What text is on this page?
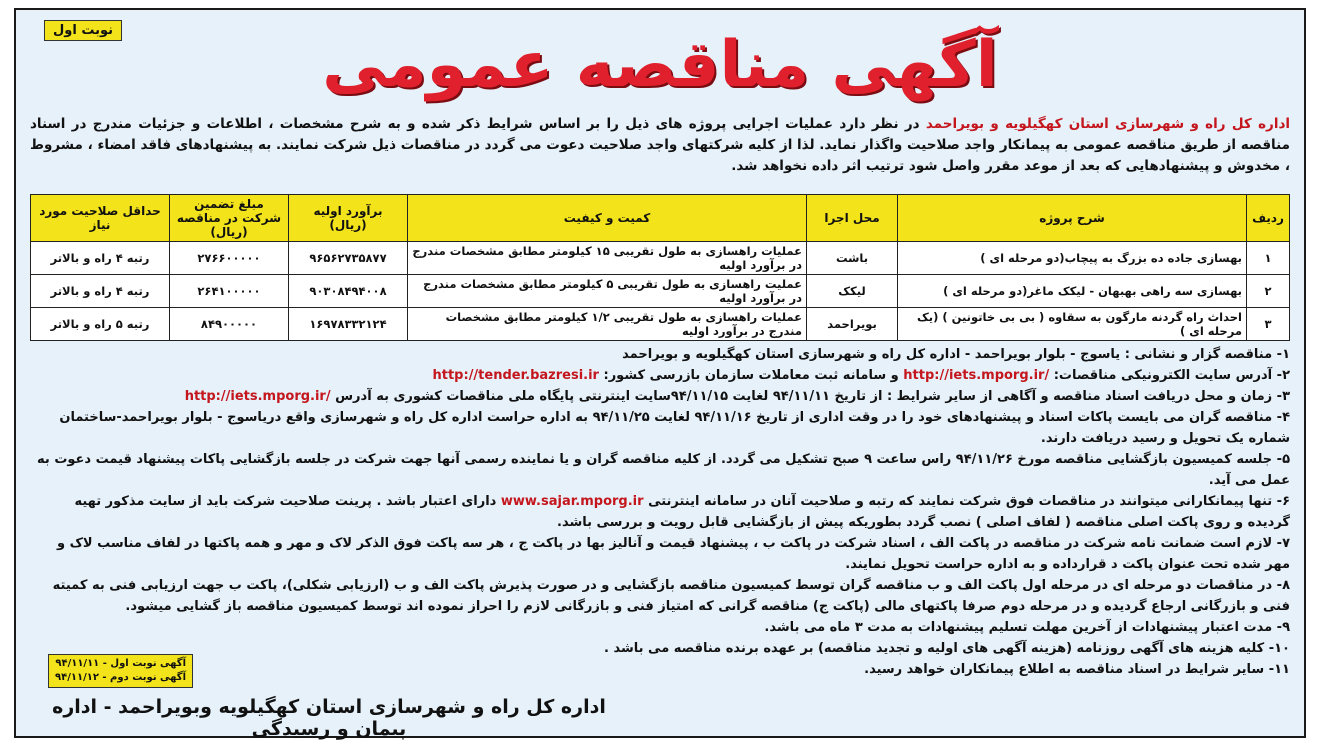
نوبت اول	آگهی مناقصه عمومی
اداره کل راه و شهرسازی استان کهگیلویه و بویراحمد در نظر دارد عملیات اجرایی پروژه های ذیل را بر اساس شرایط ذکر شده و به شرح مشخصات ، اطلاعات و جزئیات مندرج در اسناد مناقصه از طریق مناقصه عمومی به پیمانکار واجد صلاحیت واگذار نماید. لذا از کلیه شرکتهای واجد صلاحیت دعوت می گردد در مناقصات ذیل شرکت نمایند. به پیشنهادهای فاقد امضاء ، مشروط ، مخدوش و پیشنهادهایی که بعد از موعد مقرر واصل شود ترتیب اثر داده نخواهد شد.
ردیف	شرح پروژه	محل اجرا	کمیت و کیفیت	برآورد اولیه (ریال)	مبلغ تضمین شرکت در مناقصه (ریال)	حداقل صلاحیت مورد نیاز
۱	بهسازی جاده ده بزرگ به پیچاب(دو مرحله ای )	باشت	عملیات راهسازی به طول تقریبی ۱۵ کیلومتر مطابق مشخصات مندرج در برآورد اولیه	۹۶۵۶۲۷۳۵۸۷۷	۲۷۶۶۰۰۰۰۰	رتبه ۴ راه و بالاتر
۲	بهسازی سه راهی بهبهان - لیکک ماغر(دو مرحله ای )	لیکک	عملیت راهسازی به طول تقریبی ۵ کیلومتر مطابق مشخصات مندرج در برآورد اولیه	۹۰۳۰۸۴۹۴۰۰۸	۲۶۴۱۰۰۰۰۰	رتبه ۴ راه و بالاتر
۳	احداث راه گردنه مارگون به سقاوه ( بی بی خاتونین ) (یک مرحله ای )	بویراحمد	عملیات راهسازی به طول تقریبی ۱/۲ کیلومتر مطابق مشخصات مندرج در برآورد اولیه	۱۶۹۷۸۳۳۲۱۲۴	۸۴۹۰۰۰۰۰	رتبه ۵ راه و بالاتر

۱- مناقصه گزار و نشانی : یاسوج - بلوار بویراحمد - اداره کل راه و شهرسازی استان کهگیلویه و بویراحمد

۲- آدرس سایت الکترونیکی مناقصات: http://iets.mporg.ir/ و سامانه ثبت معاملات سازمان بازرسی کشور: http://tender.bazresi.ir

۳- زمان و محل دریافت اسناد مناقصه و آگاهی از سایر شرایط : از تاریخ ۹۴/۱۱/۱۱ لغایت ۹۴/۱۱/۱۵سایت اینترنتی پایگاه ملی مناقصات کشوری به آدرس http://iets.mporg.ir/

۴- مناقصه گران می بایست پاکات اسناد و پیشنهادهای خود را در وقت اداری از تاریخ ۹۴/۱۱/۱۶ لغایت ۹۴/۱۱/۲۵ به اداره حراست اداره کل راه و شهرسازی واقع دریاسوج - بلوار بویراحمد-ساختمان شماره یک تحویل و رسید دریافت دارند.

۵- جلسه کمیسیون بازگشایی مناقصه مورخ ۹۴/۱۱/۲۶ راس ساعت ۹ صبح تشکیل می گردد. از کلیه مناقصه گران و یا نماینده رسمی آنها جهت شرکت در جلسه بازگشایی پاکات پیشنهاد قیمت دعوت به عمل می آید.

۶- تنها پیمانکارانی میتوانند در مناقصات فوق شرکت نمایند که رتبه و صلاحیت آنان در سامانه اینترنتی www.sajar.mporg.ir دارای اعتبار باشد . پرینت صلاحیت شرکت باید از سایت مذکور تهیه گردیده و روی پاکت اصلی مناقصه ( لفاف اصلی ) نصب گردد بطوریکه پیش از بازگشایی قابل رویت و بررسی باشد.

۷- لازم است ضمانت نامه شرکت در مناقصه در پاکت الف ، اسناد شرکت در پاکت ب ، پیشنهاد قیمت و آنالیز بها در پاکت ج ، هر سه پاکت فوق الذکر لاک و مهر و همه پاکتها در لفاف مناسب لاک و مهر شده تحت عنوان پاکت د قرارداده و به اداره حراست تحویل نمایند.

۸- در مناقصات دو مرحله ای در مرحله اول پاکت الف و ب مناقصه گران توسط کمیسیون مناقصه بازگشایی و در صورت پذیرش پاکت الف و ب (ارزیابی شکلی)، پاکت ب جهت ارزیابی فنی به کمیته فنی و بازرگانی ارجاع گردیده و در مرحله دوم صرفا پاکتهای مالی (پاکت ج) مناقصه گرانی که امتیاز فنی و بازرگانی لازم را احراز نموده اند توسط کمیسیون مناقصه باز گشایی میشود.

۹- مدت اعتبار پیشنهادات از آخرین مهلت تسلیم پیشنهادات به مدت ۳ ماه می باشد.

۱۰- کلیه هزینه های آگهی روزنامه (هزینه آگهی های اولیه و تجدید مناقصه) بر عهده برنده مناقصه می باشد .

۱۱- سایر شرایط در اسناد مناقصه به اطلاع پیمانکاران خواهد رسید.

آگهی نوبت اول - ۹۴/۱۱/۱۱
آگهی نوبت دوم - ۹۴/۱۱/۱۲
اداره کل راه و شهرسازی استان کهگیلویه وبویراحمد - اداره پیمان و رسیدگی
